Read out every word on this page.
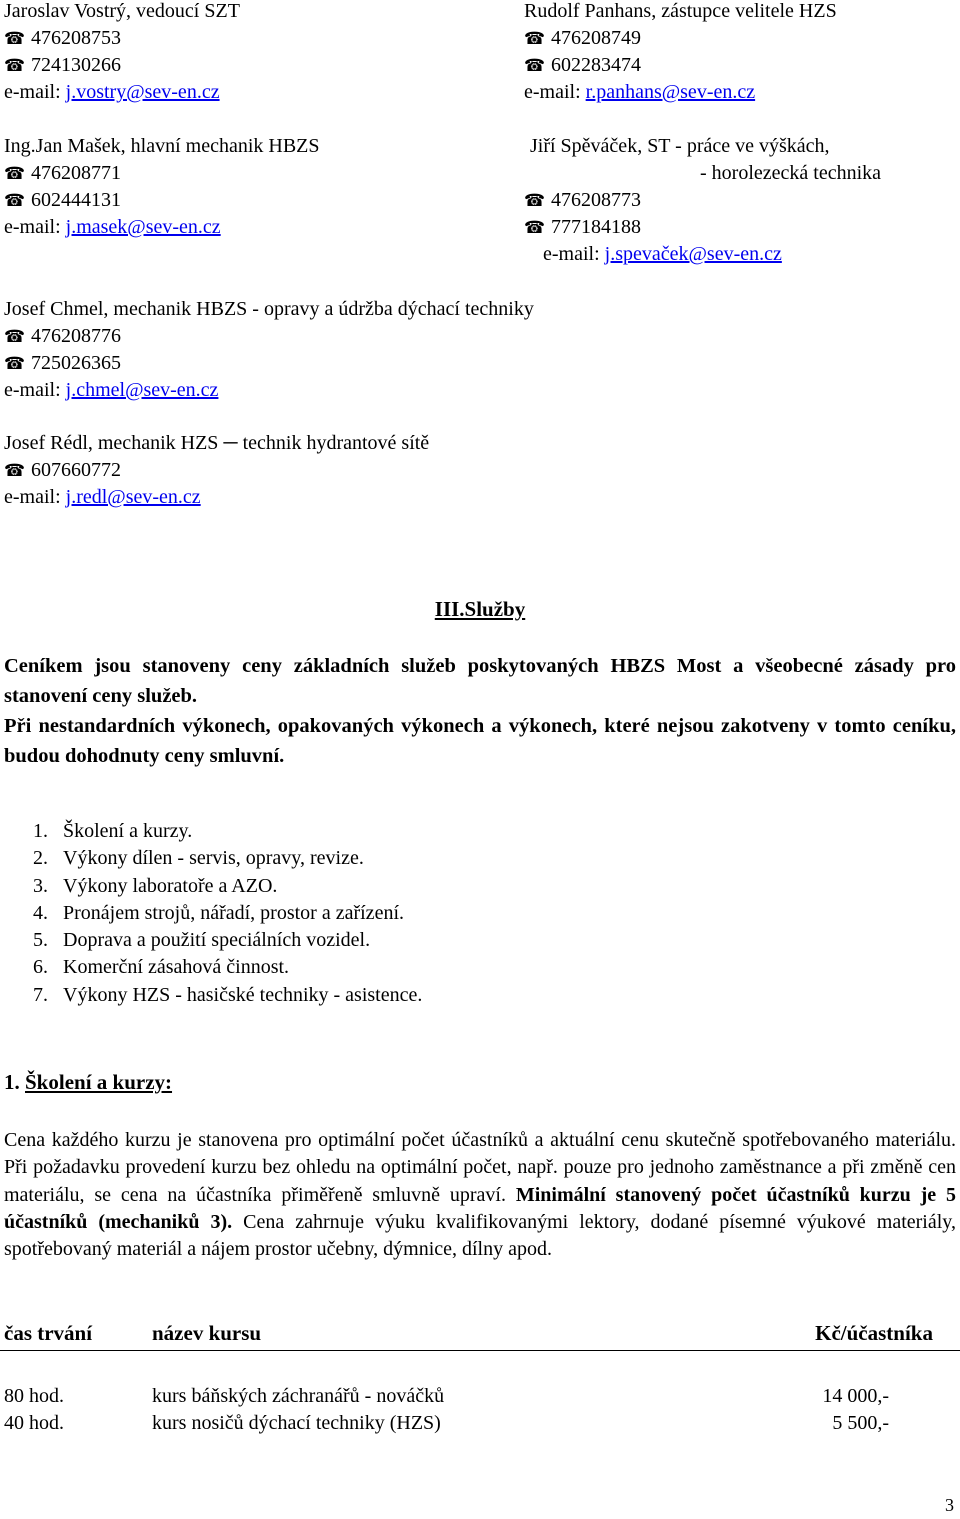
Jaroslav Vostrý, vedoucí SZT
☎ 476208753
☎ 724130266
e-mail: j.vostry@sev-en.cz
Rudolf Panhans, zástupce velitele HZS
☎ 476208749
☎ 602283474
e-mail: r.panhans@sev-en.cz
Ing.Jan Mašek, hlavní mechanik HBZS
☎ 476208771
☎ 602444131
e-mail: j.masek@sev-en.cz
Jiří Spěváček, ST - práce ve výškách,
- horolezecká technika
☎ 476208773
☎ 777184188
e-mail: j.spevaček@sev-en.cz
Josef Chmel, mechanik HBZS - opravy a údržba dýchací techniky
☎ 476208776
☎ 725026365
e-mail: j.chmel@sev-en.cz
Josef Rédl, mechanik HZS ─ technik hydrantové sítě
☎ 607660772
e-mail: j.redl@sev-en.cz
III.Služby
Ceníkem jsou stanoveny ceny základních služeb poskytovaných HBZS Most a všeobecné zásady pro stanovení ceny služeb.
Při nestandardních výkonech, opakovaných výkonech a výkonech, které nejsou zakotveny v tomto ceníku, budou dohodnuty ceny smluvní.
1. Školení a kurzy.
2. Výkony dílen - servis, opravy, revize.
3. Výkony laboratoře a AZO.
4. Pronájem strojů, nářadí, prostor a zařízení.
5. Doprava a použití speciálních vozidel.
6. Komerční zásahová činnost.
7. Výkony HZS - hasičské techniky - asistence.
1. Školení a kurzy:
Cena každého kurzu je stanovena pro optimální počet účastníků a aktuální cenu skutečně spotřebovaného materiálu. Při požadavku provedení kurzu bez ohledu na optimální počet, např. pouze pro jednoho zaměstnance a při změně cen materiálu, se cena na účastníka přiměřeně smluvně upraví. Minimální stanovený počet účastníků kurzu je 5 účastníků (mechaniků 3). Cena zahrnuje výuku kvalifikovanými lektory, dodané písemné výukové materiály, spotřebovaný materiál a nájem prostor učebny, dýmnice, dílny apod.
čas trvání	název kursu	Kč/účastníka
80 hod.	kurs báňských záchranářů - nováčků	14 000,-
40 hod.	kurs nosičů dýchací techniky (HZS)	5 500,-
3
